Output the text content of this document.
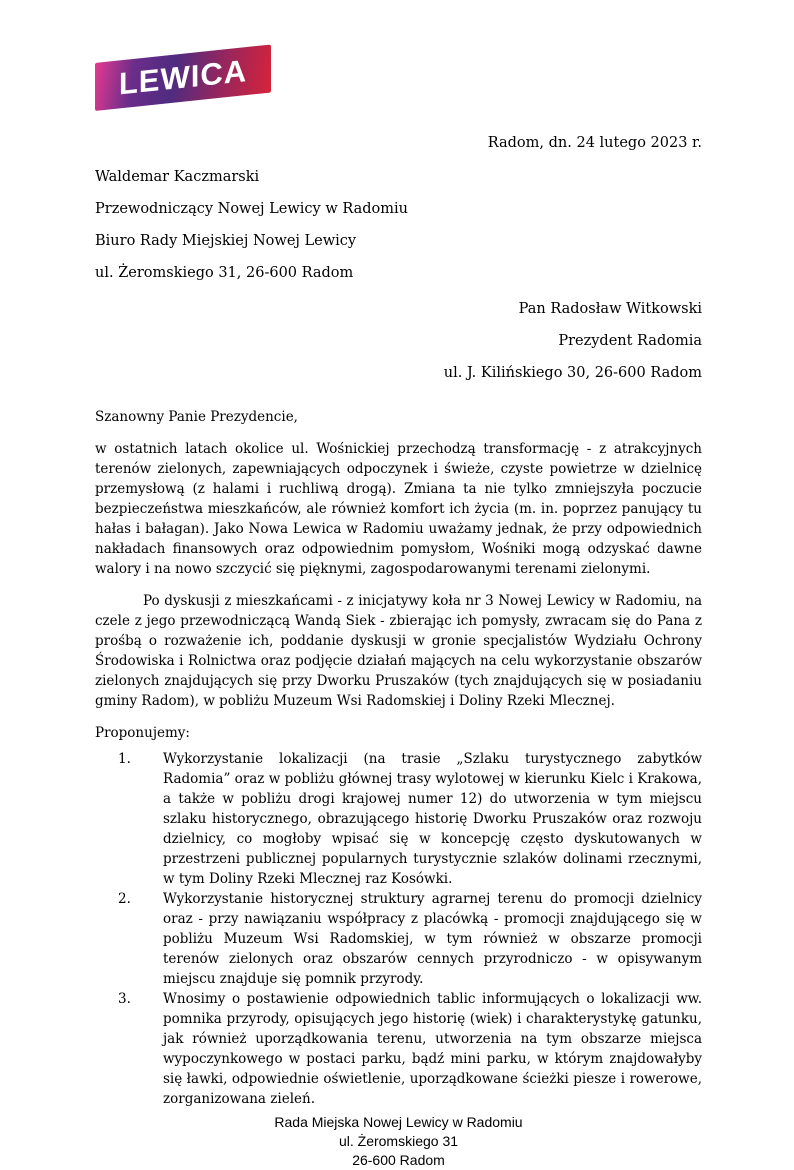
LEWICA

Radom, dn. 24 lutego 2023 r.

Waldemar Kaczmarski

Przewodniczący Nowej Lewicy w Radomiu

Biuro Rady Miejskiej Nowej Lewicy

ul. Żeromskiego 31, 26-600 Radom

Pan Radosław Witkowski

Prezydent Radomia

ul. J. Kilińskiego 30, 26-600 Radom

Szanowny Panie Prezydencie,

w ostatnich latach okolice ul. Wośnickiej przechodzą transformację - z atrakcyjnych terenów zielonych, zapewniających odpoczynek i świeże, czyste powietrze w dzielnicę przemysłową (z halami i ruchliwą drogą). Zmiana ta nie tylko zmniejszyła poczucie bezpieczeństwa mieszkańców, ale również komfort ich życia (m. in. poprzez panujący tu hałas i bałagan). Jako Nowa Lewica w Radomiu uważamy jednak, że przy odpowiednich nakładach finansowych oraz odpowiednim pomysłom, Wośniki mogą odzyskać dawne walory i na nowo szczycić się pięknymi, zagospodarowanymi terenami zielonymi.

Po dyskusji z mieszkańcami - z inicjatywy koła nr 3 Nowej Lewicy w Radomiu, na czele z jego przewodniczącą Wandą Siek - zbierając ich pomysły, zwracam się do Pana z prośbą o rozważenie ich, poddanie dyskusji w gronie specjalistów Wydziału Ochrony Środowiska i Rolnictwa oraz podjęcie działań mających na celu wykorzystanie obszarów zielonych znajdujących się przy Dworku Pruszaków (tych znajdujących się w posiadaniu gminy Radom), w pobliżu Muzeum Wsi Radomskiej i Doliny Rzeki Mlecznej.

Proponujemy:

1.	Wykorzystanie lokalizacji (na trasie „Szlaku turystycznego zabytków Radomia” oraz w pobliżu głównej trasy wylotowej w kierunku Kielc i Krakowa, a także w pobliżu drogi krajowej numer 12) do utworzenia w tym miejscu szlaku historycznego, obrazującego historię Dworku Pruszaków oraz rozwoju dzielnicy, co mogłoby wpisać się w koncepcję często dyskutowanych w przestrzeni publicznej popularnych turystycznie szlaków dolinami rzecznymi, w tym Doliny Rzeki Mlecznej raz Kosówki.
2.	Wykorzystanie historycznej struktury agrarnej terenu do promocji dzielnicy oraz - przy nawiązaniu współpracy z placówką - promocji znajdującego się w pobliżu Muzeum Wsi Radomskiej, w tym również w obszarze promocji terenów zielonych oraz obszarów cennych przyrodniczo - w opisywanym miejscu znajduje się pomnik przyrody.
3.	Wnosimy o postawienie odpowiednich tablic informujących o lokalizacji ww. pomnika przyrody, opisujących jego historię (wiek) i charakterystykę gatunku, jak również uporządkowania terenu, utworzenia na tym obszarze miejsca wypoczynkowego w postaci parku, bądź mini parku, w którym znajdowałyby się ławki, odpowiednie oświetlenie, uporządkowane ścieżki piesze i rowerowe, zorganizowana zieleń.

Rada Miejska Nowej Lewicy w Radomiu

ul. Żeromskiego 31

26-600 Radom
